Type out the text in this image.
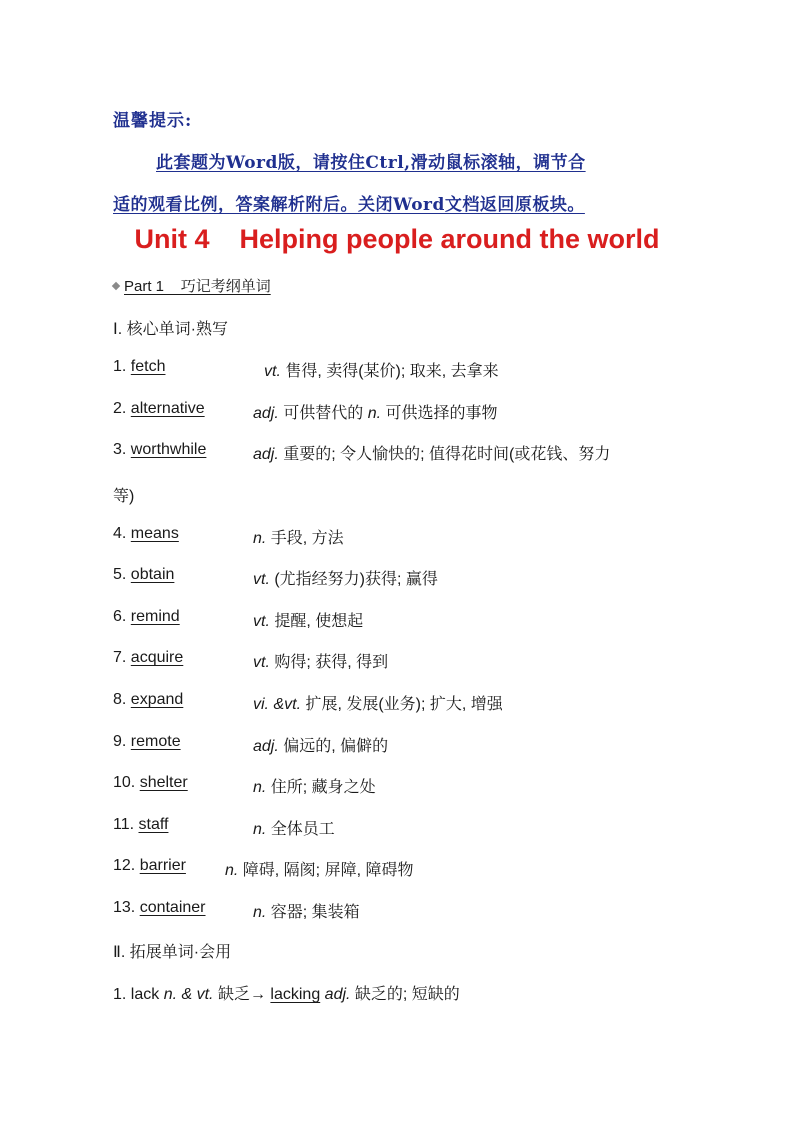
温馨提示:
此套题为Word版，请按住Ctrl,滑动鼠标滚轴，调节合
适的观看比例，答案解析附后。关闭Word文档返回原板块。
Unit 4    Helping people around the world
Part 1    巧记考纲单词
Ⅰ. 核心单词·熟写
1. fetch	vt. 售得, 卖得(某价); 取来, 去拿来
2. alternative	adj. 可供替代的 n. 可供选择的事物
3. worthwhile	adj. 重要的; 令人愉快的; 值得花时间(或花钱、努力
等)
4. means	n. 手段, 方法
5. obtain	vt. (尤指经努力)获得; 赢得
6. remind	vt. 提醒, 使想起
7. acquire	vt. 购得; 获得, 得到
8. expand	vi. &vt. 扩展, 发展(业务); 扩大, 增强
9. remote	adj. 偏远的, 偏僻的
10. shelter	n. 住所; 藏身之处
11. staff	n. 全体员工
12. barrier n. 障碍, 隔阂; 屏障, 障碍物
13. container	n. 容器; 集装箱
Ⅱ. 拓展单词·会用
1. lack n. & vt. 缺乏→ lacking adj. 缺乏的; 短缺的
